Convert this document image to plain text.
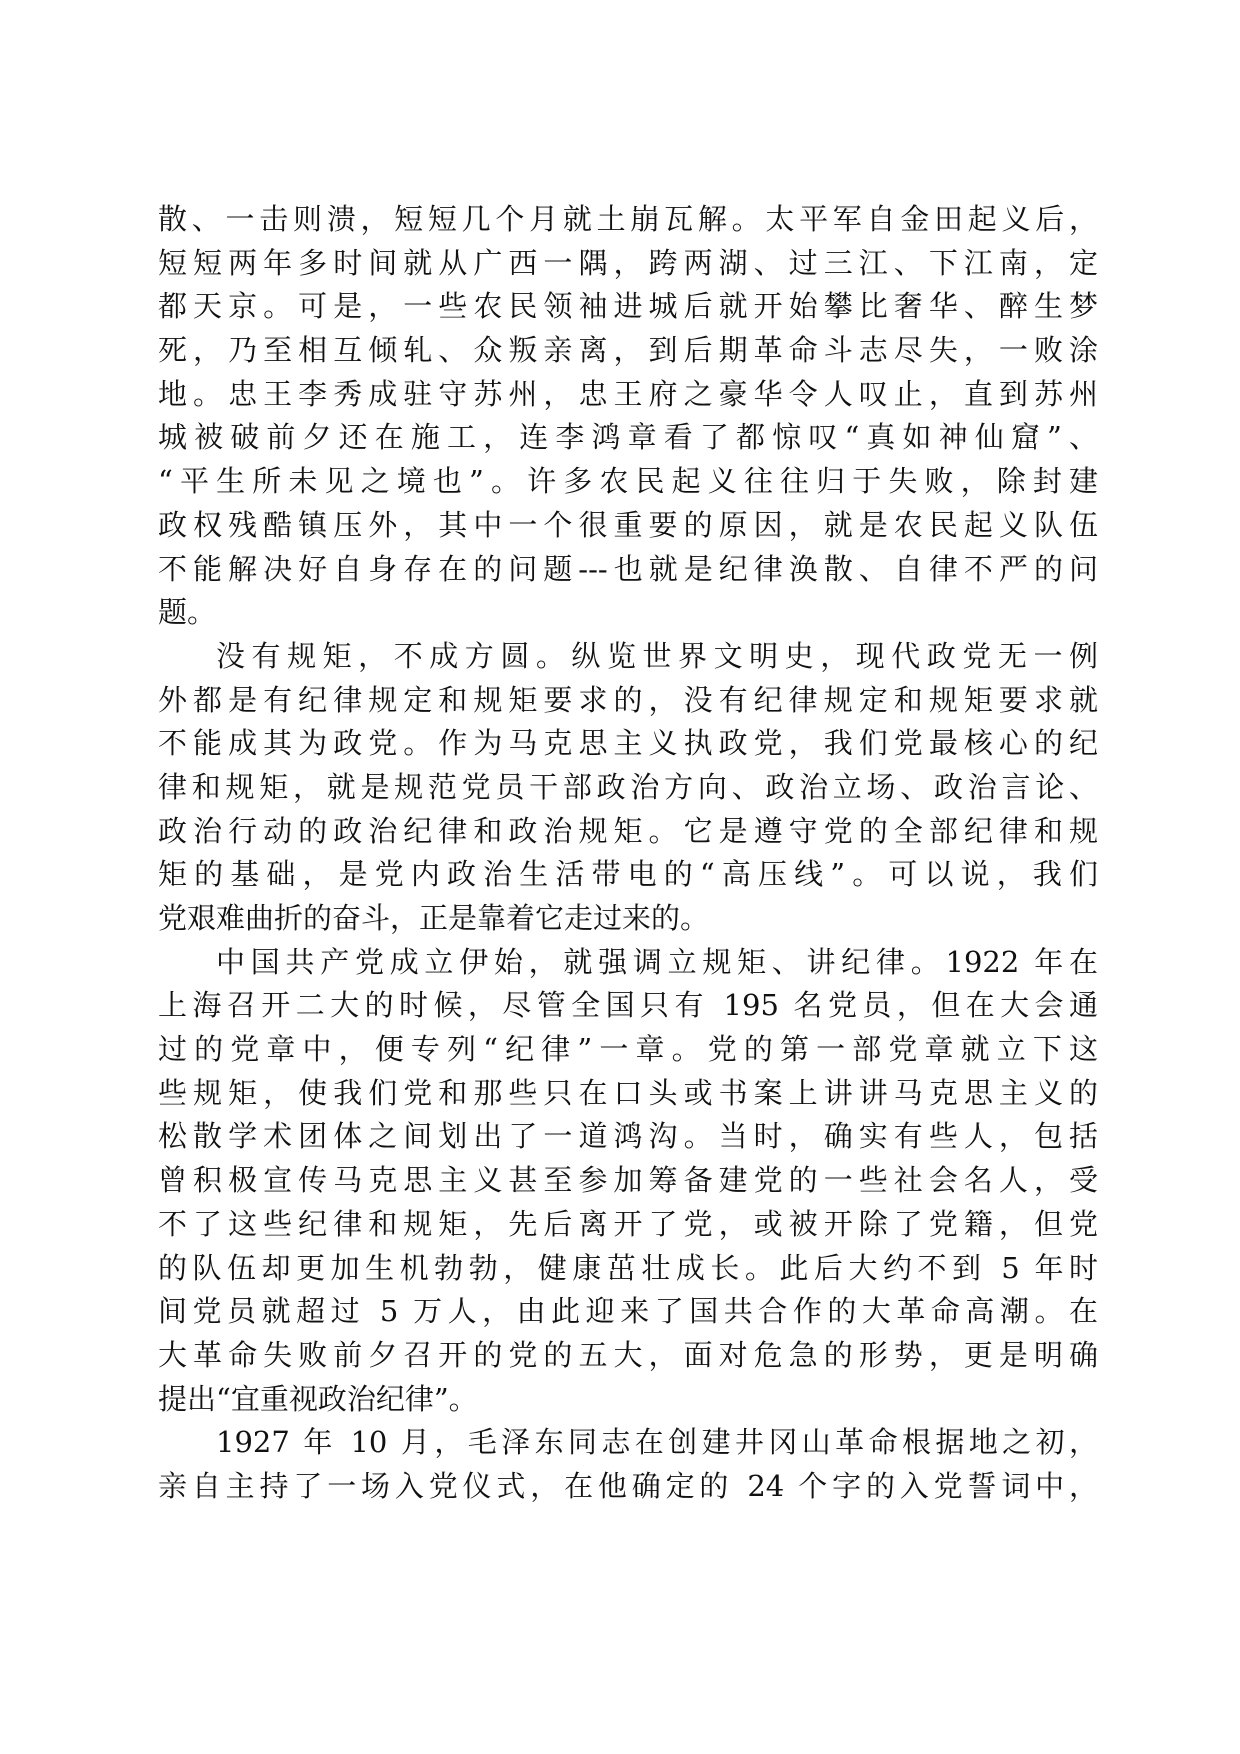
散、一击则溃，短短几个月就土崩瓦解。太平军自金田起义后，
短短两年多时间就从广西一隅，跨两湖、过三江、下江南，定
都天京。可是，一些农民领袖进城后就开始攀比奢华、醉生梦
死，乃至相互倾轧、众叛亲离，到后期革命斗志尽失，一败涂
地。忠王李秀成驻守苏州，忠王府之豪华令人叹止，直到苏州
城被破前夕还在施工，连李鸿章看了都惊叹“真如神仙窟”、
“平生所未见之境也”。许多农民起义往往归于失败，除封建
政权残酷镇压外，其中一个很重要的原因，就是农民起义队伍
不能解决好自身存在的问题---也就是纪律涣散、自律不严的问
题。
没有规矩，不成方圆。纵览世界文明史，现代政党无一例
外都是有纪律规定和规矩要求的，没有纪律规定和规矩要求就
不能成其为政党。作为马克思主义执政党，我们党最核心的纪
律和规矩，就是规范党员干部政治方向、政治立场、政治言论、
政治行动的政治纪律和政治规矩。它是遵守党的全部纪律和规
矩的基础，是党内政治生活带电的“高压线”。可以说，我们
党艰难曲折的奋斗，正是靠着它走过来的。
中国共产党成立伊始，就强调立规矩、讲纪律。1922 年在
上海召开二大的时候，尽管全国只有 195 名党员，但在大会通
过的党章中，便专列“纪律”一章。党的第一部党章就立下这
些规矩，使我们党和那些只在口头或书案上讲讲马克思主义的
松散学术团体之间划出了一道鸿沟。当时，确实有些人，包括
曾积极宣传马克思主义甚至参加筹备建党的一些社会名人，受
不了这些纪律和规矩，先后离开了党，或被开除了党籍，但党
的队伍却更加生机勃勃，健康茁壮成长。此后大约不到 5 年时
间党员就超过 5 万人，由此迎来了国共合作的大革命高潮。在
大革命失败前夕召开的党的五大，面对危急的形势，更是明确
提出“宜重视政治纪律”。
1927 年 10 月，毛泽东同志在创建井冈山革命根据地之初，
亲自主持了一场入党仪式，在他确定的 24 个字的入党誓词中，
